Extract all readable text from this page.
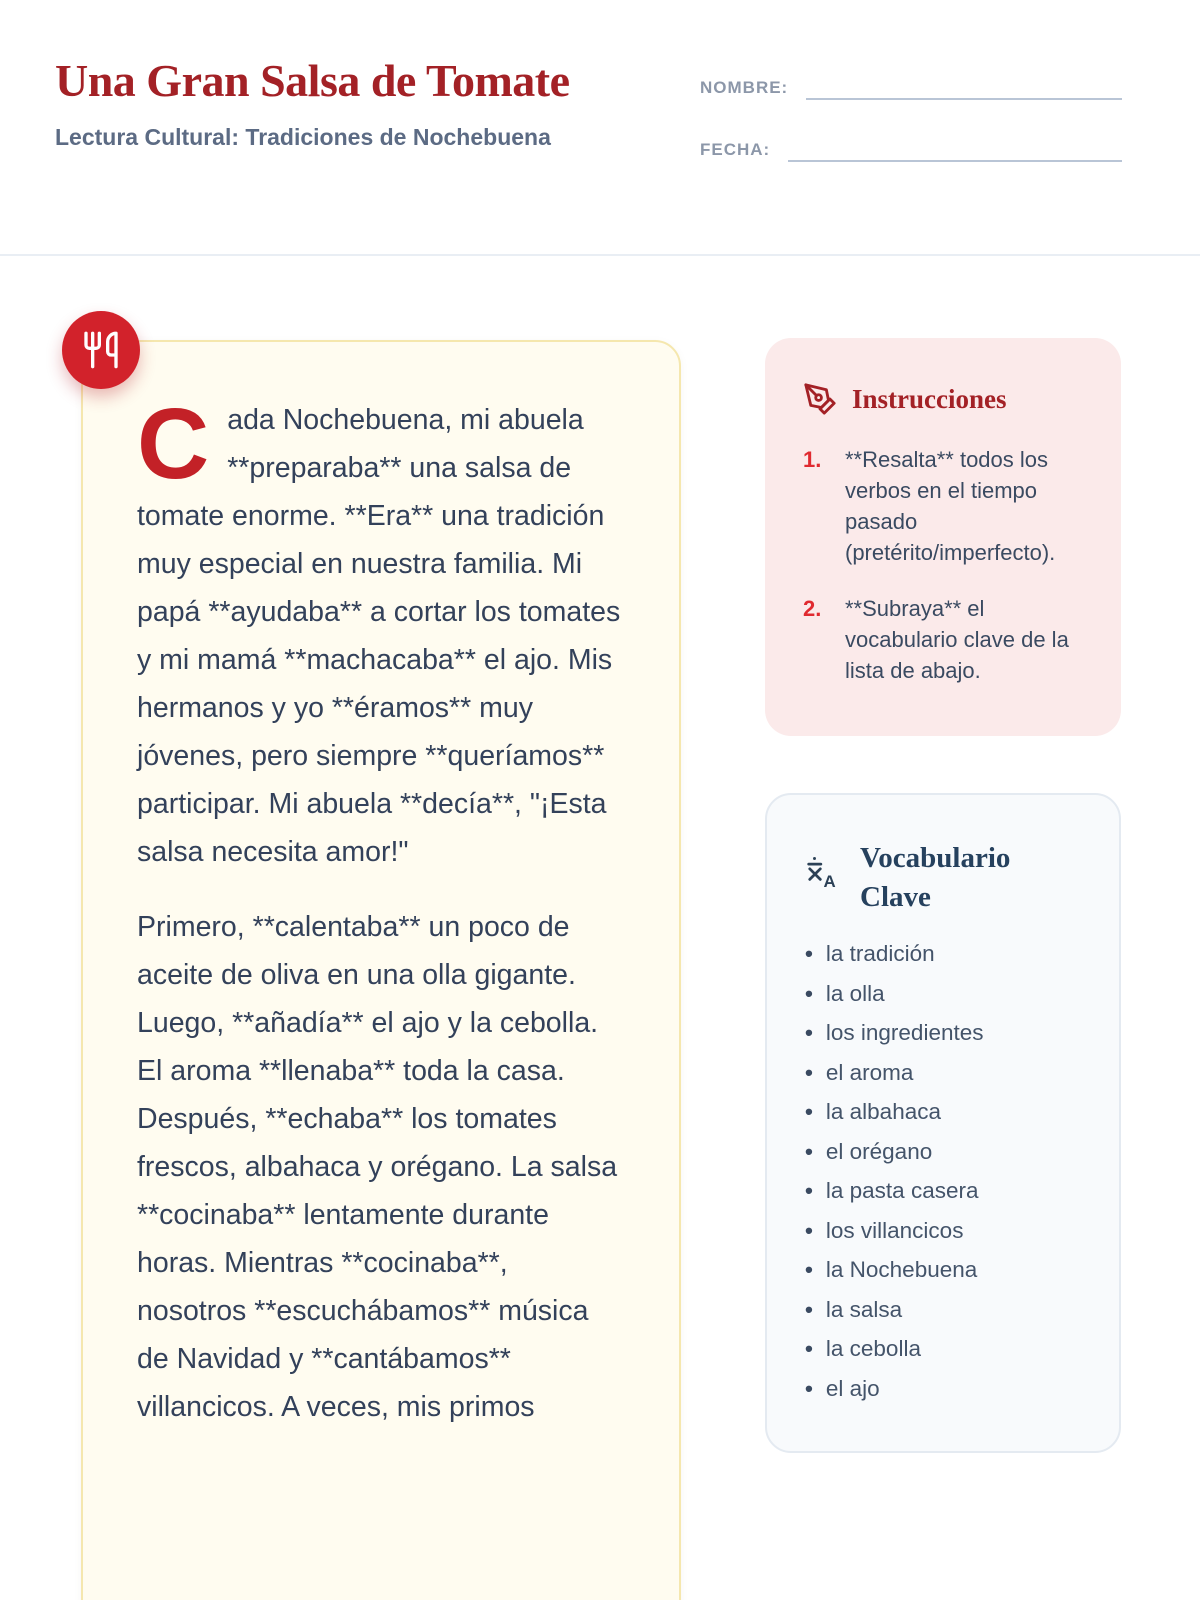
Una Gran Salsa de Tomate
Lectura Cultural: Tradiciones de Nochebuena
NOMBRE:
FECHA:

Cada Nochebuena, mi abuela **preparaba** una salsa de tomate enorme. **Era** una tradición muy especial en nuestra familia. Mi papá **ayudaba** a cortar los tomates y mi mamá **machacaba** el ajo. Mis hermanos y yo **éramos** muy jóvenes, pero siempre **queríamos** participar. Mi abuela **decía**, "¡Esta salsa necesita amor!"

Primero, **calentaba** un poco de aceite de oliva en una olla gigante. Luego, **añadía** el ajo y la cebolla. El aroma **llenaba** toda la casa. Después, **echaba** los tomates frescos, albahaca y orégano. La salsa **cocinaba** lentamente durante horas. Mientras **cocinaba**, nosotros **escuchábamos** música de Navidad y **cantábamos** villancicos. A veces, mis primos

Instrucciones
1.	**Resalta** todos los verbos en el tiempo pasado (pretérito/imperfecto).
2.	**Subraya** el vocabulario clave de la lista de abajo.
A
Vocabulario Clave
• la tradición
• la olla
• los ingredientes
• el aroma
• la albahaca
• el orégano
• la pasta casera
• los villancicos
• la Nochebuena
• la salsa
• la cebolla
• el ajo
